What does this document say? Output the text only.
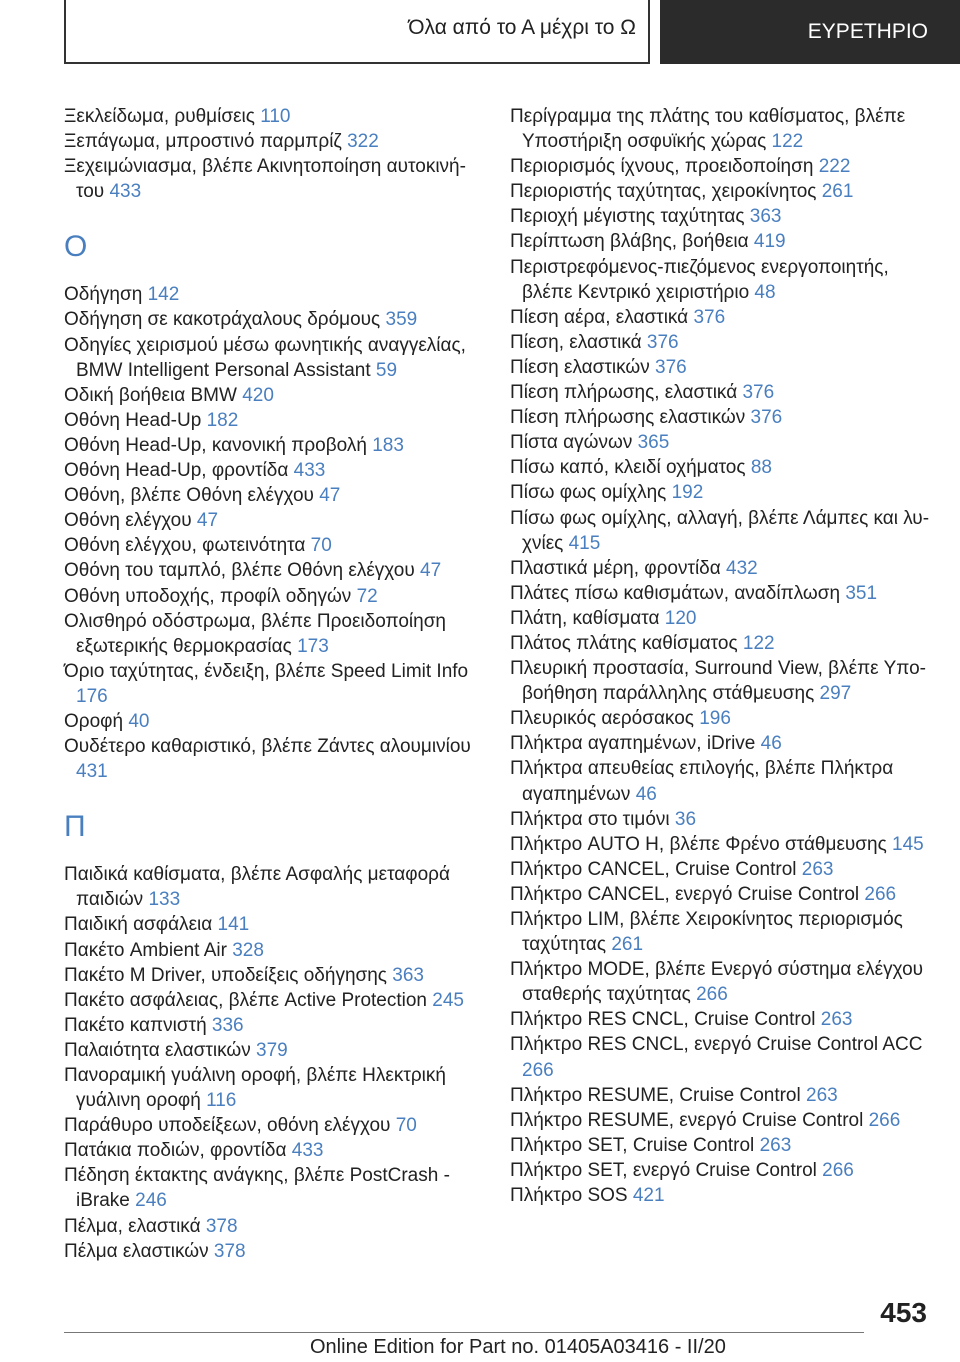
Όλα από το Α μέχρι το Ω	ΕΥΡΕΤΗΡΙΟ

Ξεκλείδωμα, ρυθμίσεις 110

Ξεπάγωμα, μπροστινό παρμπρίζ 322

Ξεχειμώνιασμα, βλέπε Ακινητοποίηση αυτοκινήτου 433

Ο

Οδήγηση 142

Οδήγηση σε κακοτράχαλους δρόμους 359

Οδηγίες χειρισμού μέσω φωνητικής αναγγελίας, BMW Intelligent Personal Assistant 59

Οδική βοήθεια BMW 420

Οθόνη Head-Up 182

Οθόνη Head-Up, κανονική προβολή 183

Οθόνη Head-Up, φροντίδα 433

Οθόνη, βλέπε Οθόνη ελέγχου 47

Οθόνη ελέγχου 47

Οθόνη ελέγχου, φωτεινότητα 70

Οθόνη του ταμπλό, βλέπε Οθόνη ελέγχου 47

Οθόνη υποδοχής, προφίλ οδηγών 72

Ολισθηρό οδόστρωμα, βλέπε Προειδοποίηση εξωτερικής θερμοκρασίας 173

Όριο ταχύτητας, ένδειξη, βλέπε Speed Limit Info 176

Οροφή 40

Ουδέτερο καθαριστικό, βλέπε Ζάντες αλουμινίου 431

Π

Παιδικά καθίσματα, βλέπε Ασφαλής μεταφορά παιδιών 133

Παιδική ασφάλεια 141

Πακέτο Ambient Air 328

Πακέτο M Driver, υποδείξεις οδήγησης 363

Πακέτο ασφάλειας, βλέπε Active Protection 245

Πακέτο καπνιστή 336

Παλαιότητα ελαστικών 379

Πανοραμική γυάλινη οροφή, βλέπε Ηλεκτρική γυάλινη οροφή 116

Παράθυρο υποδείξεων, οθόνη ελέγχου 70

Πατάκια ποδιών, φροντίδα 433

Πέδηση έκτακτης ανάγκης, βλέπε PostCrash - iBrake 246

Πέλμα, ελαστικά 378

Πέλμα ελαστικών 378

Περίγραμμα της πλάτης του καθίσματος, βλέπε Υποστήριξη οσφυϊκής χώρας 122

Περιορισμός ίχνους, προειδοποίηση 222

Περιοριστής ταχύτητας, χειροκίνητος 261

Περιοχή μέγιστης ταχύτητας 363

Περίπτωση βλάβης, βοήθεια 419

Περιστρεφόμενος-πιεζόμενος ενεργοποιητής, βλέπε Κεντρικό χειριστήριο 48

Πίεση αέρα, ελαστικά 376

Πίεση, ελαστικά 376

Πίεση ελαστικών 376

Πίεση πλήρωσης, ελαστικά 376

Πίεση πλήρωσης ελαστικών 376

Πίστα αγώνων 365

Πίσω καπό, κλειδί οχήματος 88

Πίσω φως ομίχλης 192

Πίσω φως ομίχλης, αλλαγή, βλέπε Λάμπες και λυχνίες 415

Πλαστικά μέρη, φροντίδα 432

Πλάτες πίσω καθισμάτων, αναδίπλωση 351

Πλάτη, καθίσματα 120

Πλάτος πλάτης καθίσματος 122

Πλευρική προστασία, Surround View, βλέπε Υποβοήθηση παράλληλης στάθμευσης 297

Πλευρικός αερόσακος 196

Πλήκτρα αγαπημένων, iDrive 46

Πλήκτρα απευθείας επιλογής, βλέπε Πλήκτρα αγαπημένων 46

Πλήκτρα στο τιμόνι 36

Πλήκτρο AUTO H, βλέπε Φρένο στάθμευσης 145

Πλήκτρο CANCEL, Cruise Control 263

Πλήκτρο CANCEL, ενεργό Cruise Control 266

Πλήκτρο LIM, βλέπε Χειροκίνητος περιορισμός ταχύτητας 261

Πλήκτρο MODE, βλέπε Ενεργό σύστημα ελέγχου σταθερής ταχύτητας 266

Πλήκτρο RES CNCL, Cruise Control 263

Πλήκτρο RES CNCL, ενεργό Cruise Control ACC 266

Πλήκτρο RESUME, Cruise Control 263

Πλήκτρο RESUME, ενεργό Cruise Control 266

Πλήκτρο SET, Cruise Control 263

Πλήκτρο SET, ενεργό Cruise Control 266

Πλήκτρο SOS 421

453
Online Edition for Part no. 01405A03416 - II/20
